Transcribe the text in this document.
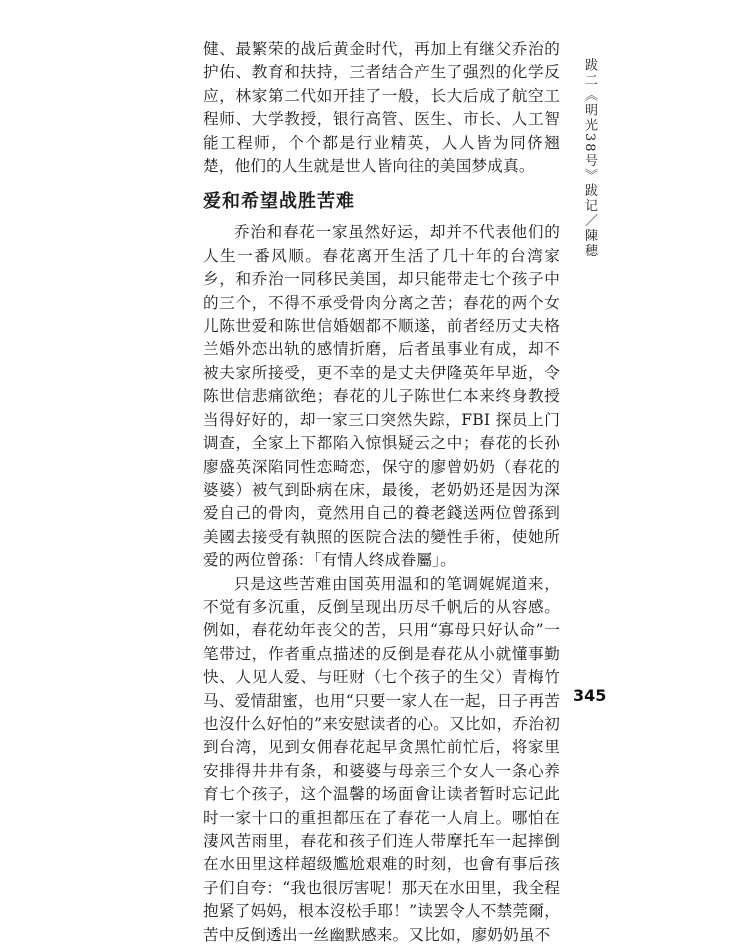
健、最繁荣的战后黄金时代，再加上有继父乔治的护佑、教育和扶持，三者结合产生了强烈的化学反应，林家第二代如开挂了一般，长大后成了航空工程师、大学教授，银行高管、医生、市长、人工智能工程师，个个都是行业精英，人人皆为同侪翘楚，他们的人生就是世人皆向往的美国梦成真。

爱和希望战胜苦难

乔治和春花一家虽然好运，却并不代表他们的人生一番风顺。春花离开生活了几十年的台湾家乡，和乔治一同移民美国，却只能带走七个孩子中的三个，不得不承受骨肉分离之苦；春花的两个女儿陈世爱和陈世信婚姻都不顺遂，前者经历丈夫格兰婚外恋出轨的感情折磨，后者虽事业有成，却不被夫家所接受，更不幸的是丈夫伊隆英年早逝，令陈世信悲痛欲绝；春花的儿子陈世仁本来终身教授当得好好的，却一家三口突然失踪，FBI 探员上门调查，全家上下都陷入惊惧疑云之中；春花的长孙廖盛英深陷同性恋畸恋，保守的廖曾奶奶（春花的婆婆）被气到卧病在床，最後，老奶奶还是因为深爱自己的骨肉，竟然用自己的養老錢送两位曾孫到美國去接受有執照的医院合法的變性手術，使她所爱的两位曾孫：「有情人终成眷屬」。

只是这些苦难由国英用温和的笔调娓娓道来，不觉有多沉重，反倒呈现出历尽千帆后的从容感。例如，春花幼年丧父的苦，只用“寡母只好认命”一笔带过，作者重点描述的反倒是春花从小就懂事勤快、人见人爱、与旺财（七个孩子的生父）青梅竹马、爱情甜蜜，也用“只要一家人在一起，日子再苦也沒什么好怕的”来安慰读者的心。又比如，乔治初到台湾，见到女佣春花起早贪黑忙前忙后，将家里安排得井井有条，和婆婆与母亲三个女人一条心养育七个孩子，这个温馨的场面會让读者暂时忘记此时一家十口的重担都压在了春花一人肩上。哪怕在淒风苦雨里，春花和孩子们连人带摩托车一起摔倒在水田里这样超级尷尬艰难的时刻，也會有事后孩子们自夸：“我也很厉害呢！那天在水田里，我全程抱紧了妈妈，根本沒松手耶！”读罢令人不禁莞爾，苦中反倒透出一丝幽默感来。又比如，廖奶奶虽不

跋二《明光38号》跋记／陳穂
345
